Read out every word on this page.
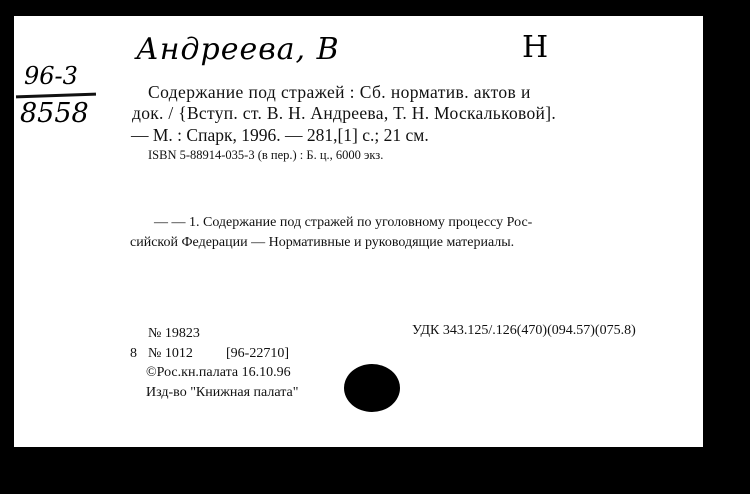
Андреева, В	Н
96-3
8558
Содержание под стражей : Сб. норматив. актов и
док. / {Вступ. ст. В. Н. Андреева, Т. Н. Москальковой].
— М. : Спарк, 1996. — 281,[1] с.; 21 см.
ISBN 5-88914-035-3 (в пер.) : Б. ц., 6000 экз.
— — 1. Содержание под стражей по уголовному процессу Рос-
сийской Федерации — Нормативные и руководящие материалы.
№ 19823	УДК 343.125/.126(470)(094.57)(075.8)
8 № 1012 [96-22710]
©Рос.кн.палата 16.10.96
Изд-во "Книжная палата"
